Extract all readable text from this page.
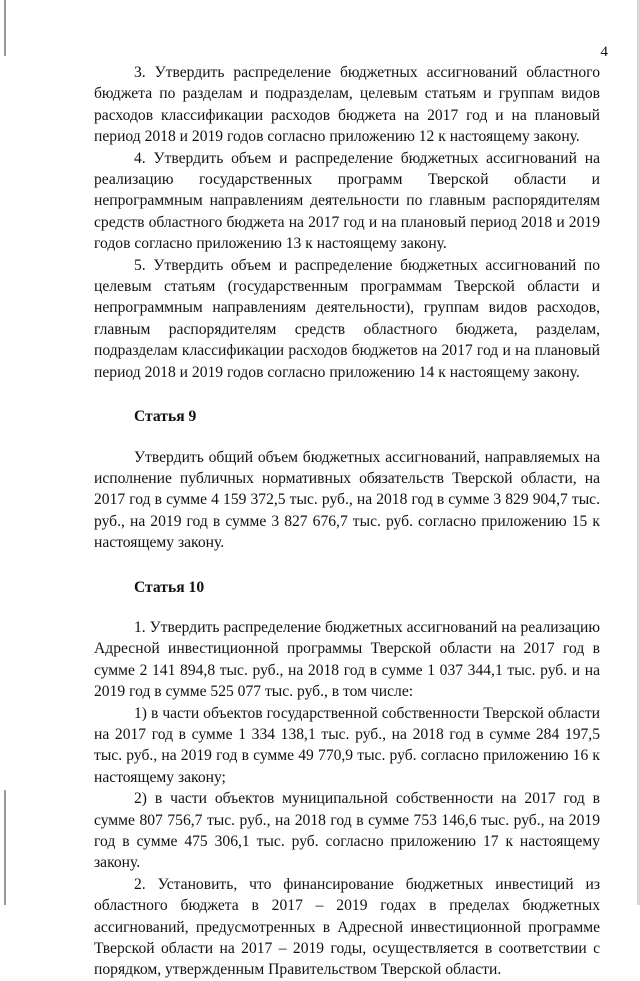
4

3. Утвердить распределение бюджетных ассигнований областного бюджета по разделам и подразделам, целевым статьям и группам видов расходов классификации расходов бюджета на 2017 год и на плановый период 2018 и 2019 годов согласно приложению 12 к настоящему закону.

4. Утвердить объем и распределение бюджетных ассигнований на реализацию государственных программ Тверской области и непрограммным направлениям деятельности по главным распорядителям средств областного бюджета на 2017 год и на плановый период 2018 и 2019 годов согласно приложению 13 к настоящему закону.

5. Утвердить объем и распределение бюджетных ассигнований по целевым статьям (государственным программам Тверской области и непрограммным направлениям деятельности), группам видов расходов, главным распорядителям средств областного бюджета, разделам, подразделам классификации расходов бюджетов на 2017 год и на плановый период 2018 и 2019 годов согласно приложению 14 к настоящему закону.

Статья 9

Утвердить общий объем бюджетных ассигнований, направляемых на исполнение публичных нормативных обязательств Тверской области, на 2017 год в сумме 4 159 372,5 тыс. руб., на 2018 год в сумме 3 829 904,7 тыс. руб., на 2019 год в сумме 3 827 676,7 тыс. руб. согласно приложению 15 к настоящему закону.

Статья 10

1. Утвердить распределение бюджетных ассигнований на реализацию Адресной инвестиционной программы Тверской области на 2017 год в сумме 2 141 894,8 тыс. руб., на 2018 год в сумме 1 037 344,1 тыс. руб. и на 2019 год в сумме 525 077 тыс. руб., в том числе:

1) в части объектов государственной собственности Тверской области на 2017 год в сумме 1 334 138,1 тыс. руб., на 2018 год в сумме 284 197,5 тыс. руб., на 2019 год в сумме 49 770,9 тыс. руб. согласно приложению 16 к настоящему закону;

2) в части объектов муниципальной собственности на 2017 год в сумме 807 756,7 тыс. руб., на 2018 год в сумме 753 146,6 тыс. руб., на 2019 год в сумме 475 306,1 тыс. руб. согласно приложению 17 к настоящему закону.

2. Установить, что финансирование бюджетных инвестиций из областного бюджета в 2017 – 2019 годах в пределах бюджетных ассигнований, предусмотренных в Адресной инвестиционной программе Тверской области на 2017 – 2019 годы, осуществляется в соответствии с порядком, утвержденным Правительством Тверской области.
